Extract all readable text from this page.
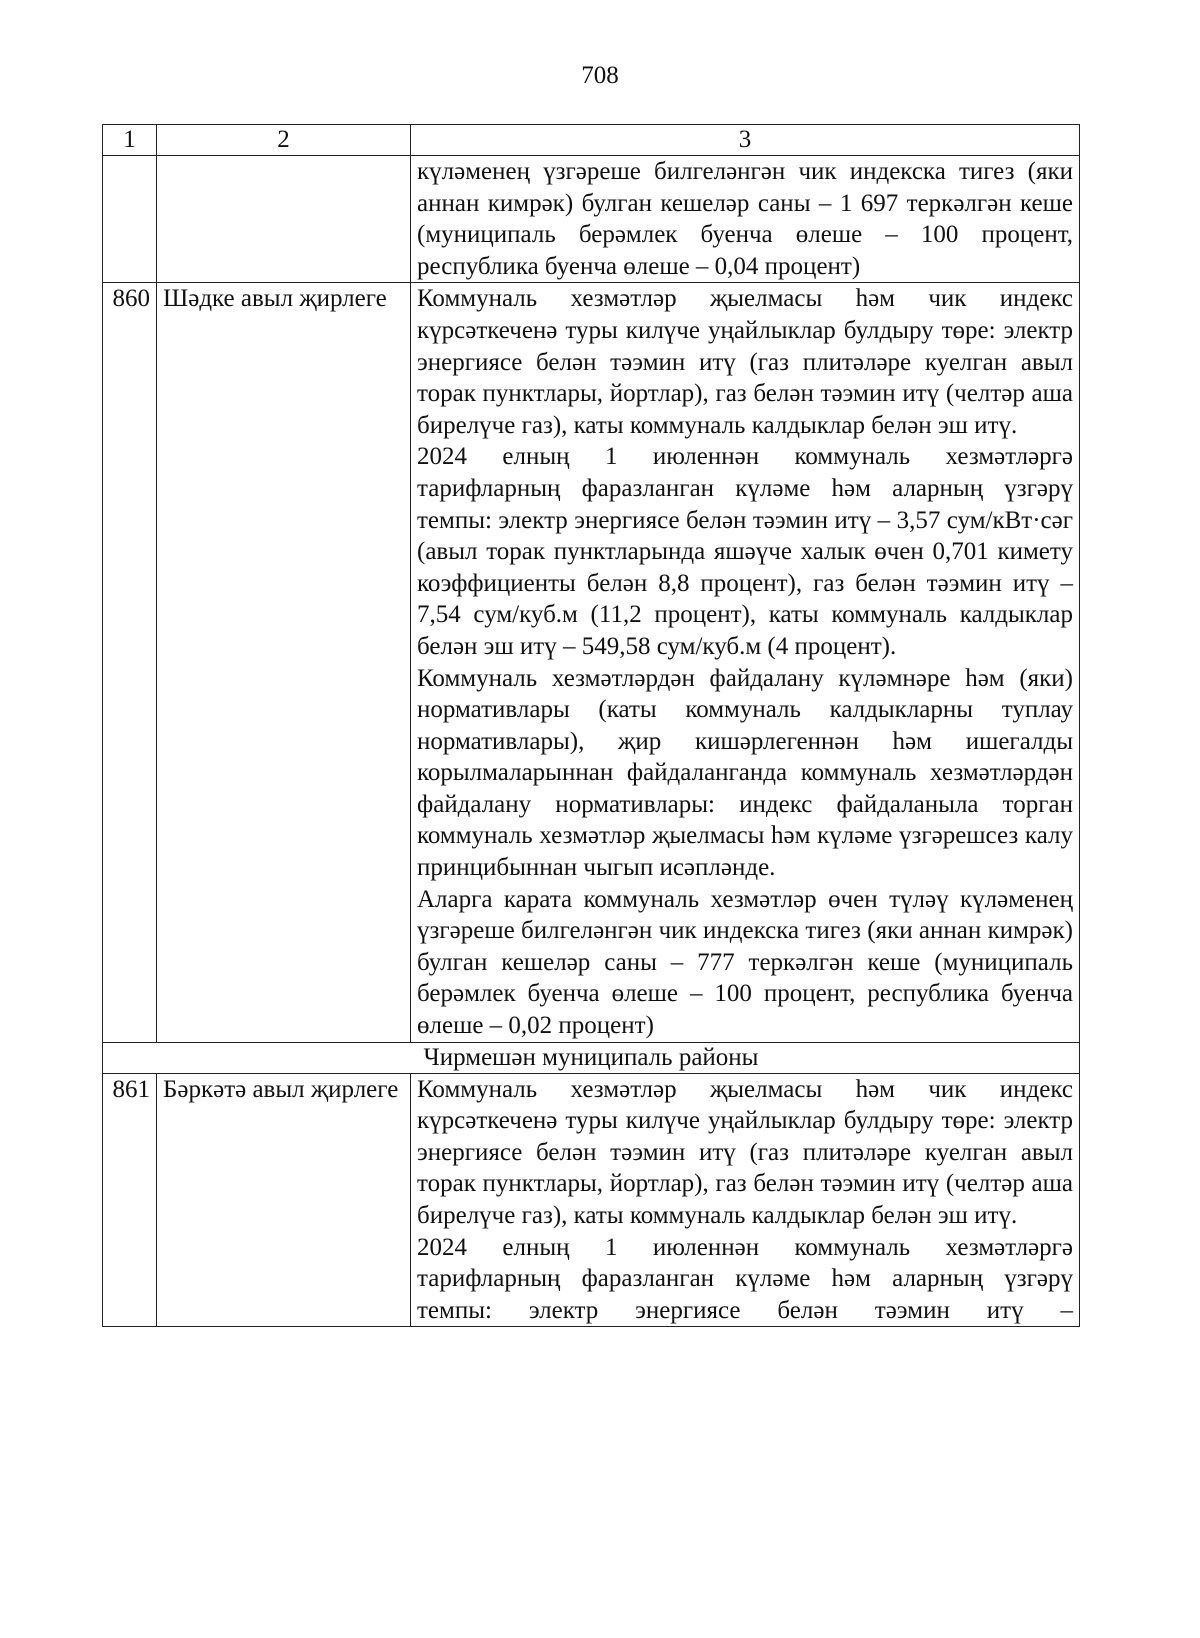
708
1	2	3

		күләменең үзгәреше билгеләнгән чик индекска тигез (яки аннан кимрәк) булган кешеләр саны – 1 697 теркәлгән кеше (муниципаль берәмлек буенча өлеше – 100 процент, республика буенча өлеше – 0,04 процент)

860	Шәдке авыл җирлеге	Коммуналь хезмәтләр җыелмасы һәм чик индекс күрсәткеченә туры килүче уңайлыклар булдыру төре: электр энергиясе белән тәэмин итү (газ плитәләре куелган авыл торак пунктлары, йортлар), газ белән тәэмин итү (челтәр аша бирелүче газ), каты коммуналь калдыклар белән эш итү.

2024 елның 1 июленнән коммуналь хезмәтләргә тарифларның фаразланган күләме һәм аларның үзгәрү темпы: электр энергиясе белән тәэмин итү – 3,57 сум/кВт·сәг (авыл торак пунктларында яшәүче халык өчен 0,701 кимету коэффициенты белән 8,8 процент), газ белән тәэмин итү – 7,54 сум/куб.м (11,2 процент), каты коммуналь калдыклар белән эш итү – 549,58 сум/куб.м (4 процент).

Коммуналь хезмәтләрдән файдалану күләмнәре һәм (яки) нормативлары (каты коммуналь калдыкларны туплау нормативлары), җир кишәрлегеннән һәм ишегалды корылмаларыннан файдаланганда коммуналь хезмәтләрдән файдалану нормативлары: индекс файдаланыла торган коммуналь хезмәтләр җыелмасы һәм күләме үзгәрешсез калу принцибыннан чыгып исәпләнде.

Аларга карата коммуналь хезмәтләр өчен түләү күләменең үзгәреше билгеләнгән чик индекска тигез (яки аннан кимрәк) булган кешеләр саны – 777 теркәлгән кеше (муниципаль берәмлек буенча өлеше – 100 процент, республика буенча өлеше – 0,02 процент)

Чирмешән муниципаль районы		
861	Бәркәтә авыл җирлеге	Коммуналь хезмәтләр җыелмасы һәм чик индекс күрсәткеченә туры килүче уңайлыклар булдыру төре: электр энергиясе белән тәэмин итү (газ плитәләре куелган авыл торак пунктлары, йортлар), газ белән тәэмин итү (челтәр аша бирелүче газ), каты коммуналь калдыклар белән эш итү.

2024 елның 1 июленнән коммуналь хезмәтләргә тарифларның фаразланган күләме һәм аларның үзгәрү темпы: электр энергиясе белән тәэмин итү –
